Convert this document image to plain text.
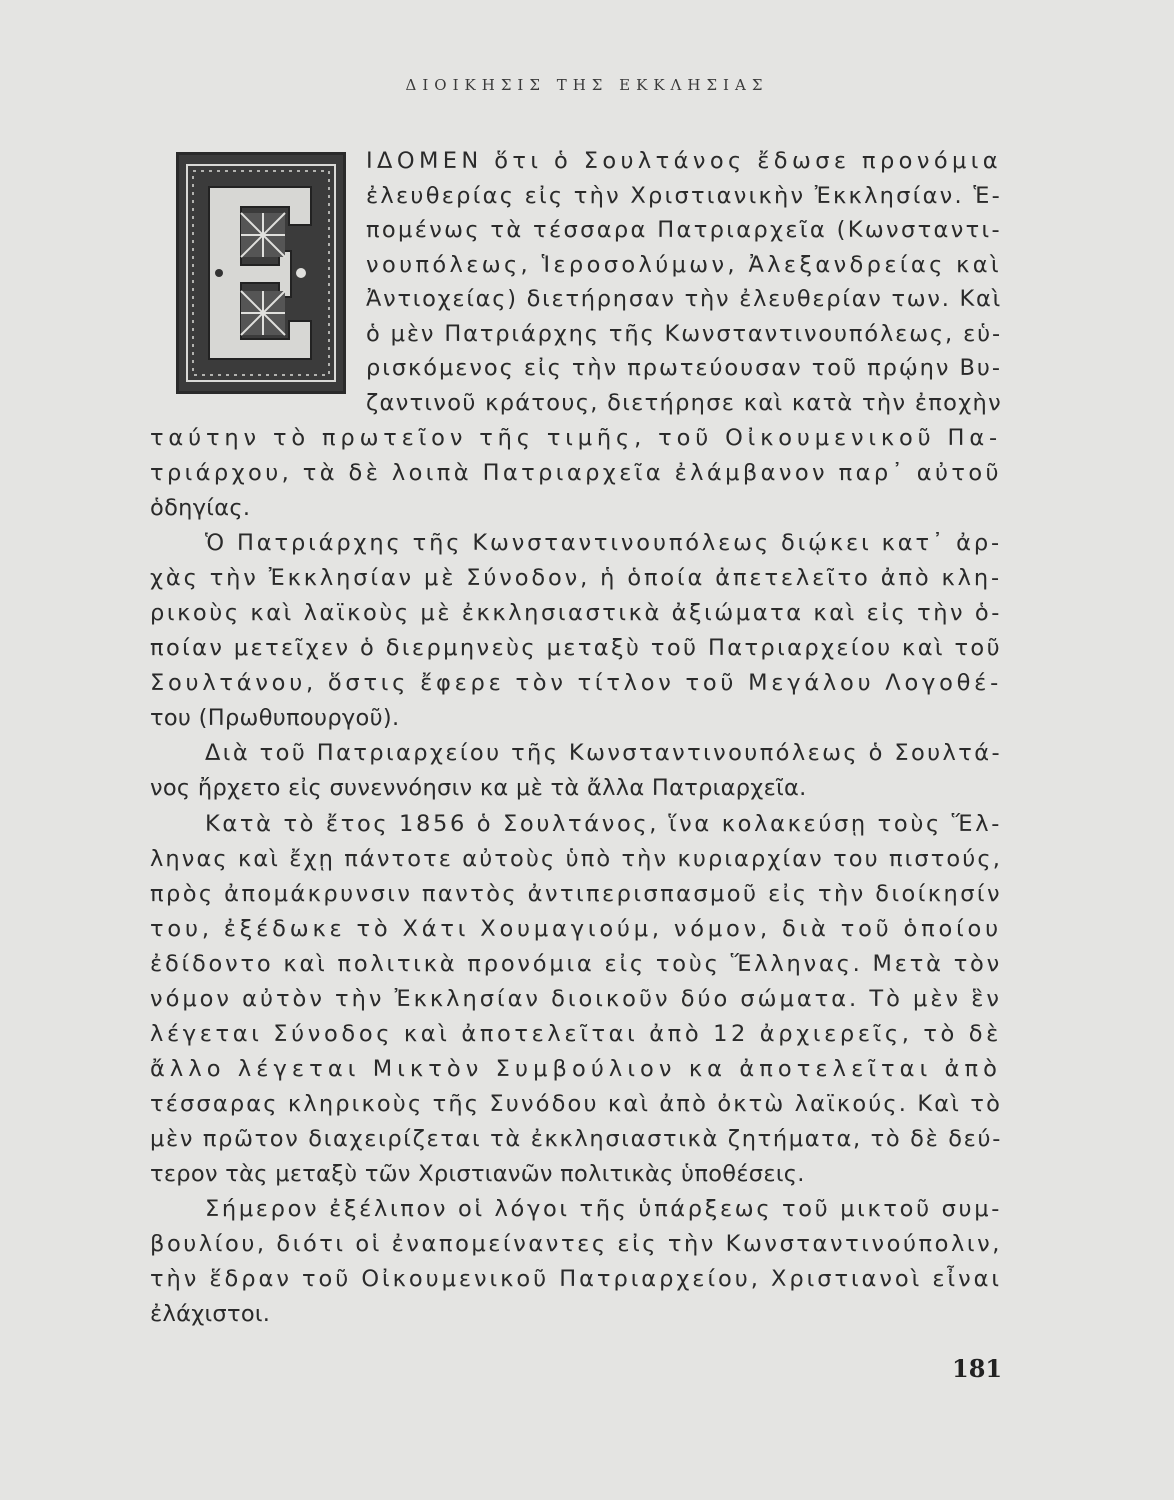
ΔΙΟΙΚΗΣΙΣ ΤΗΣ ΕΚΚΛΗΣΙΑΣ
ΙΔΟΜΕΝ ὅτι ὁ Σουλτάνος ἔδωσε προνόμια
ἐλευθερίας εἰς τὴν Χριστιανικὴν Ἐκκλησίαν. Ἑ-
πομένως τὰ τέσσαρα Πατριαρχεῖα (Κωνσταντι-
νουπόλεως, Ἱεροσολύμων, Ἀλεξανδρείας καὶ
Ἀντιοχείας) διετήρησαν τὴν ἐλευθερίαν των. Καὶ
ὁ μὲν Πατριάρχης τῆς Κωνσταντινουπόλεως, εὑ-
ρισκόμενος εἰς τὴν πρωτεύουσαν τοῦ πρῴην Βυ-
ζαντινοῦ κράτους, διετήρησε καὶ κατὰ τὴν ἐποχὴν
ταύτην τὸ πρωτεῖον τῆς τιμῆς, τοῦ Οἰκουμενικοῦ Πα-
τριάρχου, τὰ δὲ λοιπὰ Πατριαρχεῖα ἐλάμβανον παρ᾽ αὐτοῦ
ὁδηγίας.
Ὁ Πατριάρχης τῆς Κωνσταντινουπόλεως διῴκει κατ᾽ ἀρ-
χὰς τὴν Ἐκκλησίαν μὲ Σύνοδον, ἡ ὁποία ἀπετελεῖτο ἀπὸ κλη-
ρικοὺς καὶ λαϊκοὺς μὲ ἐκκλησιαστικὰ ἀξιώματα καὶ εἰς τὴν ὁ-
ποίαν μετεῖχεν ὁ διερμηνεὺς μεταξὺ τοῦ Πατριαρχείου καὶ τοῦ
Σουλτάνου, ὅστις ἔφερε τὸν τίτλον τοῦ Μεγάλου Λογοθέ-
του (Πρωθυπουργοῦ).
Διὰ τοῦ Πατριαρχείου τῆς Κωνσταντινουπόλεως ὁ Σουλτά-
νος ἤρχετο εἰς συνεννόησιν κα μὲ τὰ ἄλλα Πατριαρχεῖα.
Κατὰ τὸ ἔτος 1856 ὁ Σουλτάνος, ἵνα κολακεύσῃ τοὺς Ἕλ-
ληνας καὶ ἔχῃ πάντοτε αὐτοὺς ὑπὸ τὴν κυριαρχίαν του πιστούς,
πρὸς ἀπομάκρυνσιν παντὸς ἀντιπερισπασμοῦ εἰς τὴν διοίκησίν
του, ἐξέδωκε τὸ Χάτι Χουμαγιούμ, νόμον, διὰ τοῦ ὁποίου
ἐδίδοντο καὶ πολιτικὰ προνόμια εἰς τοὺς Ἕλληνας. Μετὰ τὸν
νόμον αὐτὸν τὴν Ἐκκλησίαν διοικοῦν δύο σώματα. Τὸ μὲν ἓν
λέγεται Σύνοδος καὶ ἀποτελεῖται ἀπὸ 12 ἀρχιερεῖς, τὸ δὲ
ἄλλο λέγεται Μικτὸν Συμβούλιον κα ἀποτελεῖται ἀπὸ
τέσσαρας κληρικοὺς τῆς Συνόδου καὶ ἀπὸ ὀκτὼ λαϊκούς. Καὶ τὸ
μὲν πρῶτον διαχειρίζεται τὰ ἐκκλησιαστικὰ ζητήματα, τὸ δὲ δεύ-
τερον τὰς μεταξὺ τῶν Χριστιανῶν πολιτικὰς ὑποθέσεις.
Σήμερον ἐξέλιπον οἱ λόγοι τῆς ὑπάρξεως τοῦ μικτοῦ συμ-
βουλίου, διότι οἱ ἐναπομείναντες εἰς τὴν Κωνσταντινούπολιν,
τὴν ἕδραν τοῦ Οἰκουμενικοῦ Πατριαρχείου, Χριστιανοὶ εἶναι
ἐλάχιστοι.
181
